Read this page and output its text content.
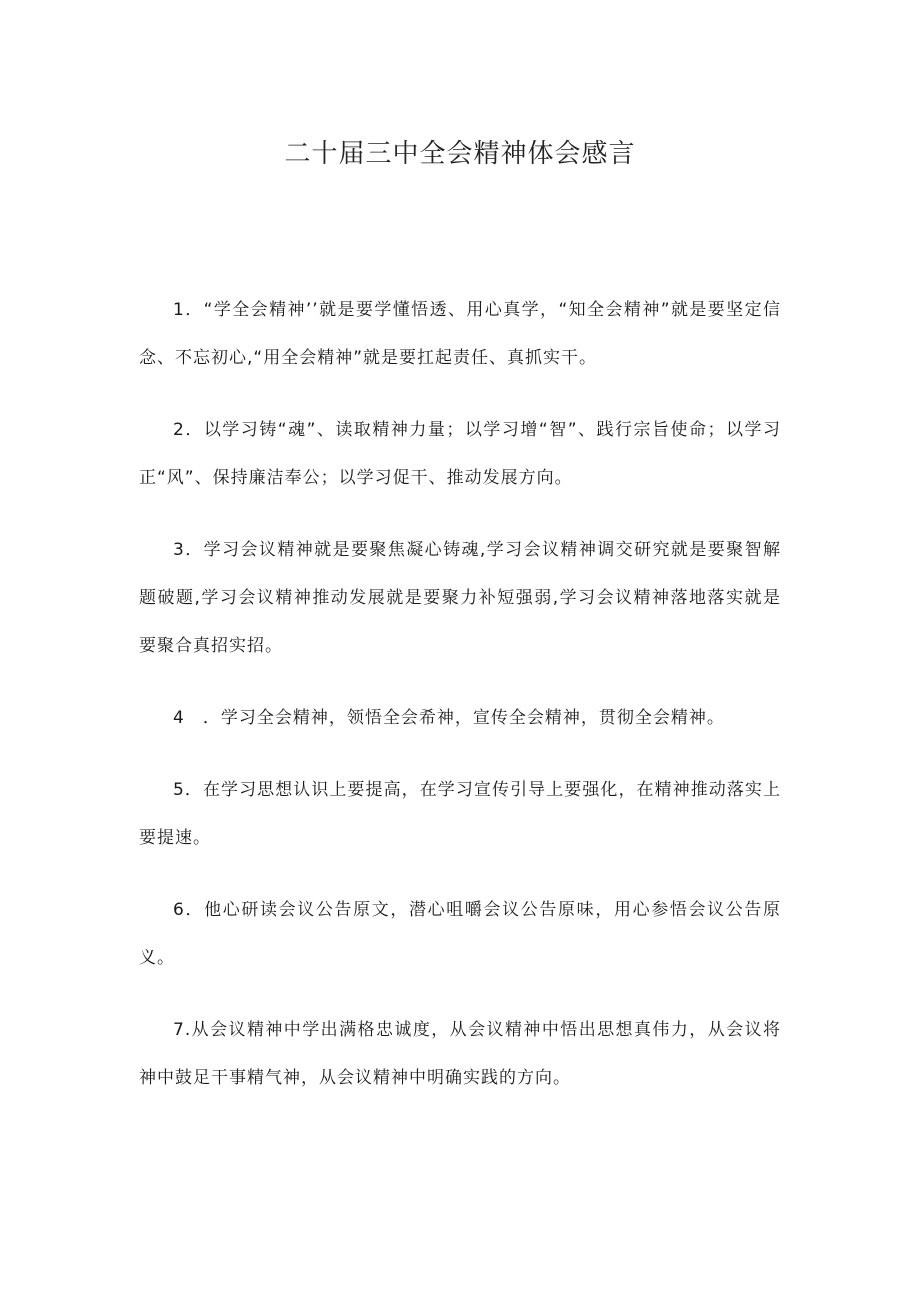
二十届三中全会精神体会感言

1．“学全会精神’’就是要学懂悟透、用心真学，“知全会精神”就是要坚定信念、不忘初心,“用全会精神”就是要扛起责任、真抓实干。

2．以学习铸“魂”、读取精神力量；以学习增“智”、践行宗旨使命；以学习正“风”、保持廉洁奉公；以学习促干、推动发展方向。

3．学习会议精神就是要聚焦凝心铸魂,学习会议精神调交研究就是要聚智解题破题,学习会议精神推动发展就是要聚力补短强弱,学习会议精神落地落实就是要聚合真招实招。

4　．学习全会精神，领悟全会希神，宣传全会精神，贯彻全会精神。

5．在学习思想认识上要提高，在学习宣传引导上要强化，在精神推动落实上要提速。

6．他心研读会议公告原文，潜心咀嚼会议公告原味，用心参悟会议公告原义。

7.从会议精神中学出满格忠诚度，从会议精神中悟出思想真伟力，从会议将神中鼓足干事精气神，从会议精神中明确实践的方向。
